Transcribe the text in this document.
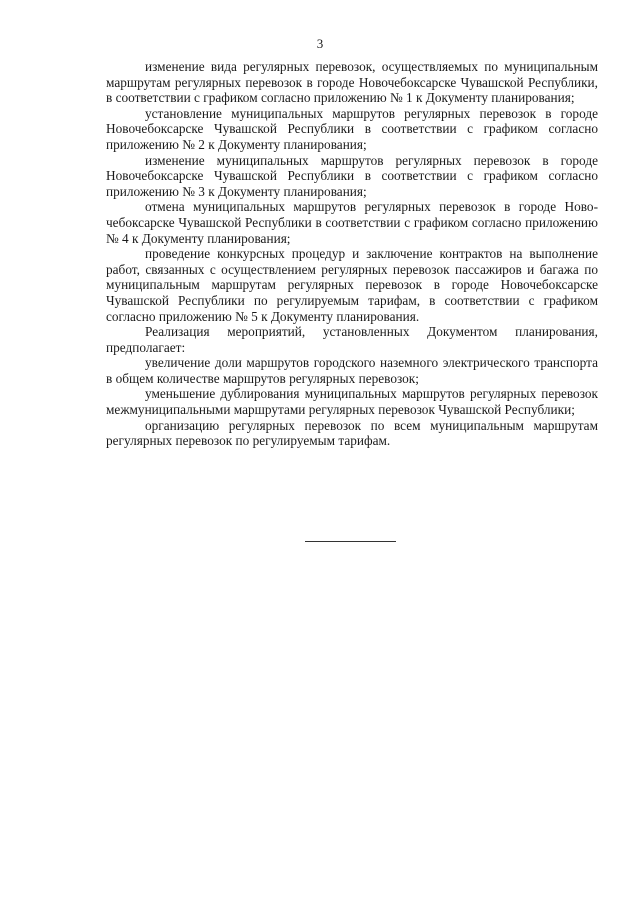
3

изменение вида регулярных перевозок, осуществляемых по муниципальным маршрутам регулярных перевозок в городе Новочебоксарске Чувашской Республики, в соответствии с графиком согласно приложению № 1 к Документу планирования;

установление муниципальных маршрутов регулярных перевозок в городе Новочебоксарске Чувашской Республики в соответствии с графиком согласно приложению № 2 к Документу планирования;

изменение муниципальных маршрутов регулярных перевозок в городе Новочебоксарске Чувашской Республики в соответствии с графиком согласно приложению № 3 к Документу планирования;

отмена муниципальных маршрутов регулярных перевозок в городе Новочебоксарске Чувашской Республики в соответствии с графиком согласно приложению № 4 к Документу планирования;

проведение конкурсных процедур и заключение контрактов на выполнение работ, связанных с осуществлением регулярных перевозок пассажиров и багажа по муниципальным маршрутам регулярных перевозок в городе Новочебоксарске Чувашской Республики по регулируемым тарифам, в соответствии с графиком согласно приложению № 5 к Документу планирования.

Реализация мероприятий, установленных Документом планирования, предполагает:

увеличение доли маршрутов городского наземного электрического транспорта в общем количестве маршрутов регулярных перевозок;

уменьшение дублирования муниципальных маршрутов регулярных перевозок межмуниципальными маршрутами регулярных перевозок Чувашской Республики;

организацию регулярных перевозок по всем муниципальным маршрутам регулярных перевозок по регулируемым тарифам.
